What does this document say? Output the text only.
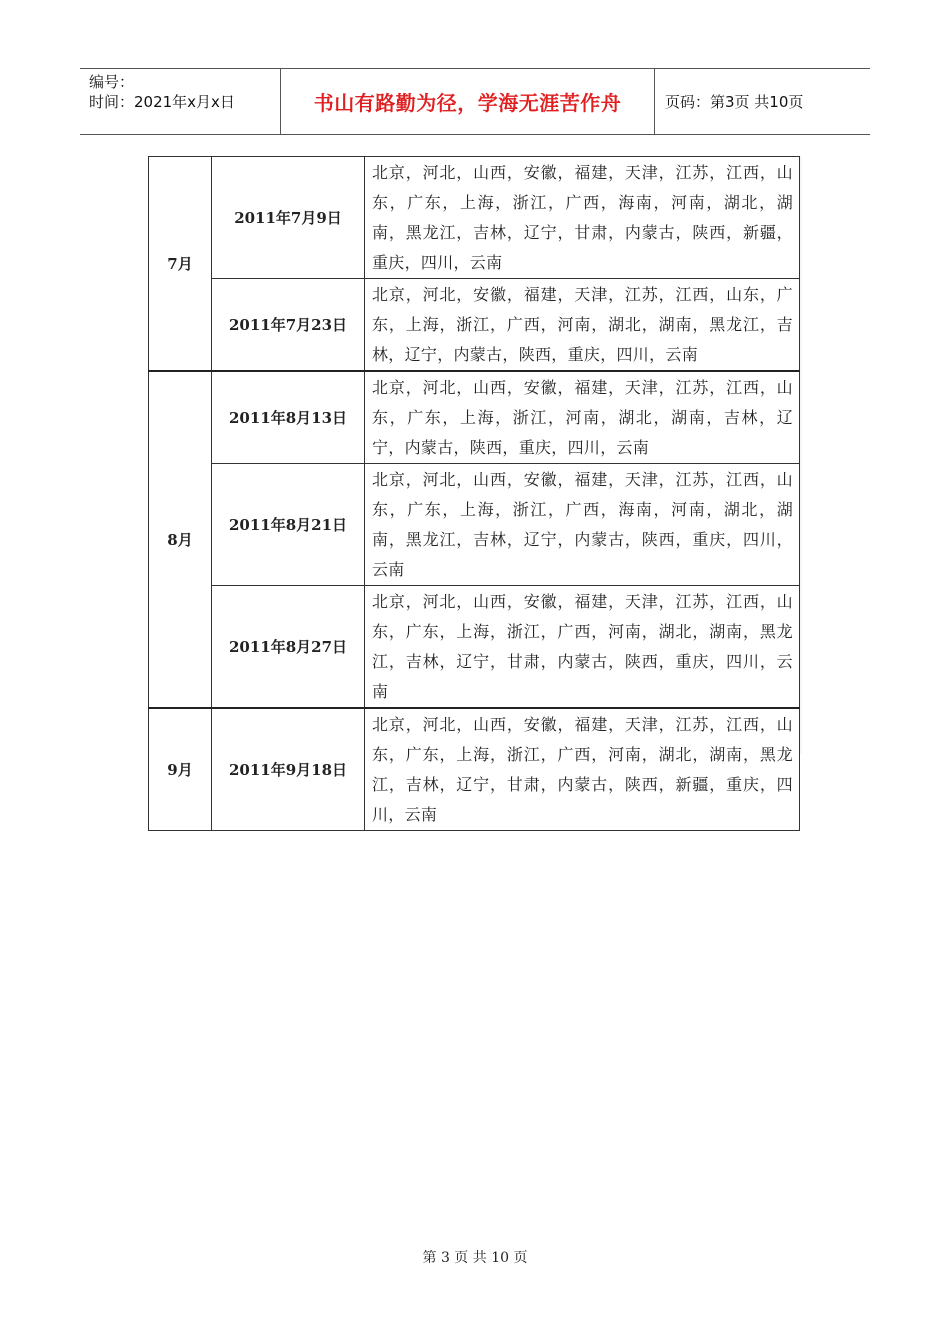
编号：
时间：2021年x月x日	书山有路勤为径，学海无涯苦作舟	页码：第3页 共10页
7月	2011年7月9日	北京，河北，山西，安徽，福建，天津，江苏，江西，山东，广东，上海，浙江，广西，海南，河南，湖北，湖南，黑龙江，吉林，辽宁，甘肃，内蒙古，陕西，新疆，重庆，四川，云南
	2011年7月23日	北京，河北，安徽，福建，天津，江苏，江西，山东，广东，上海，浙江，广西，河南，湖北，湖南，黑龙江，吉林，辽宁，内蒙古，陕西，重庆，四川，云南
8月	2011年8月13日	北京，河北，山西，安徽，福建，天津，江苏，江西，山东，广东，上海，浙江，河南，湖北，湖南，吉林，辽宁，内蒙古，陕西，重庆，四川，云南
	2011年8月21日	北京，河北，山西，安徽，福建，天津，江苏，江西，山东，广东，上海，浙江，广西，海南，河南，湖北，湖南，黑龙江，吉林，辽宁，内蒙古，陕西，重庆，四川，云南
	2011年8月27日	北京，河北，山西，安徽，福建，天津，江苏，江西，山东，广东，上海，浙江，广西，河南，湖北，湖南，黑龙江，吉林，辽宁，甘肃，内蒙古，陕西，重庆，四川，云南
9月	2011年9月18日	北京，河北，山西，安徽，福建，天津，江苏，江西，山东，广东，上海，浙江，广西，河南，湖北，湖南，黑龙江，吉林，辽宁，甘肃，内蒙古，陕西，新疆，重庆，四川，云南
第 3 页 共 10 页
